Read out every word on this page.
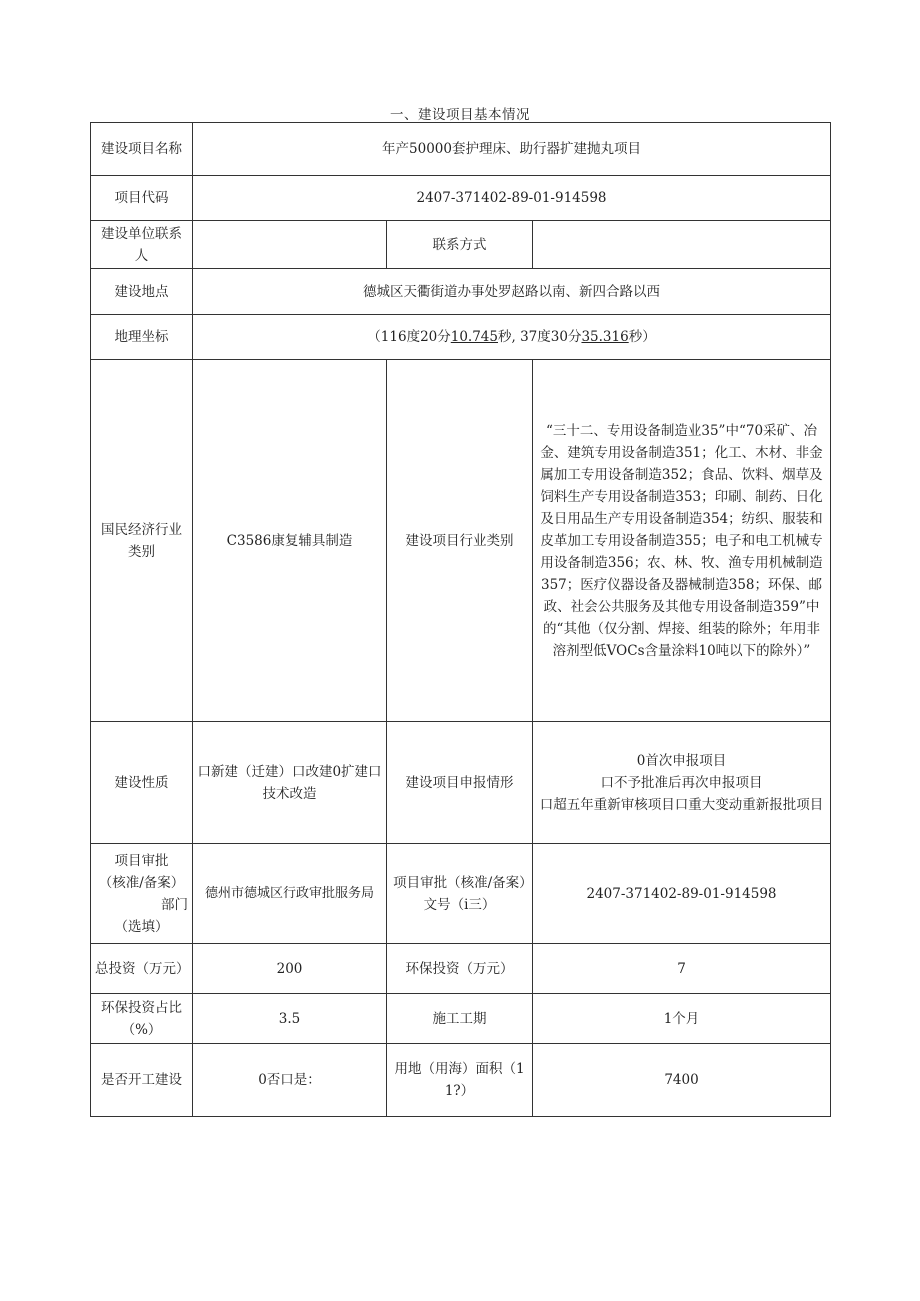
一、建设项目基本情况
建设项目名称	年产50000套护理床、助行器扩建抛丸项目		
项目代码	2407-371402-89-01-914598		
建设单位联系人		联系方式	
建设地点	德城区天衢街道办事处罗赵路以南、新四合路以西		
地理坐标	（116度20分10.745秒, 37度30分35.316秒）		
国民经济行业类别	C3586康复辅具制造	建设项目行业类别	“三十二、专用设备制造业35”中“70采矿、冶金、建筑专用设备制造351；化工、木材、非金属加工专用设备制造352；食品、饮料、烟草及饲料生产专用设备制造353；印刷、制药、日化及日用品生产专用设备制造354；纺织、服装和皮革加工专用设备制造355；电子和电工机械专用设备制造356；农、林、牧、渔专用机械制造357；医疗仪器设备及器械制造358；环保、邮政、社会公共服务及其他专用设备制造359”中的“其他（仅分割、焊接、组装的除外；年用非溶剂型低VOCs含量涂料10吨以下的除外）”
建设性质	口新建（迁建）口改建0扩建口技术改造	建设项目申报情形	0首次申报项目
口不予批准后再次申报项目
口超五年重新审核项目口重大变动重新报批项目

项目审批
（核准/备案）
部门
（选填）	德州市德城区行政审批服务局	项目审批（核准/备案）文号（i三）	2407-371402-89-01-914598
总投资（万元）	200	环保投资（万元）	7
环保投资占比（%）	3.5	施工工期	1个月
是否开工建设	0否口是：	用地（用海）面积（11?）	7400
